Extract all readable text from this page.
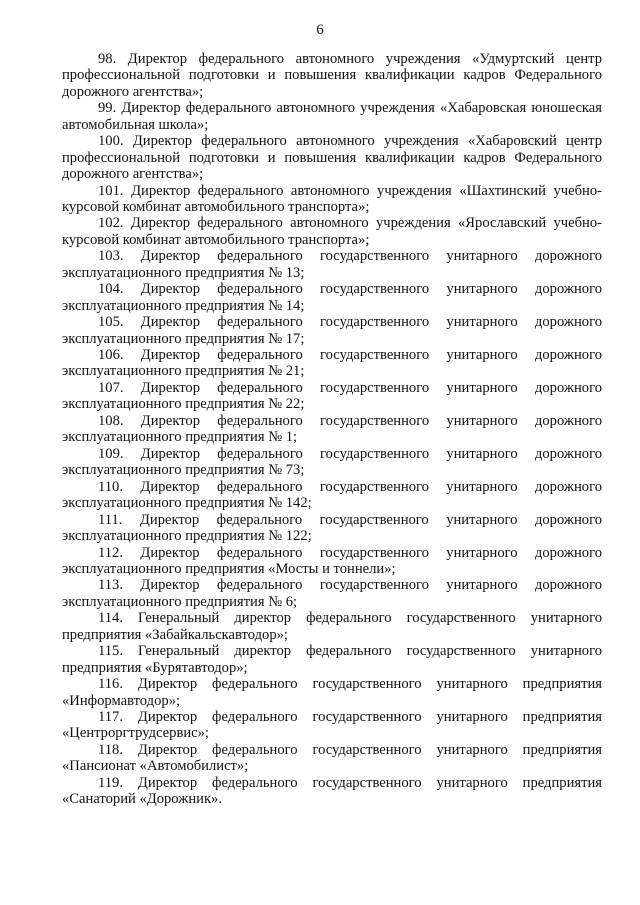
6

98. Директор федерального автономного учреждения «Удмуртский центр профессиональной подготовки и повышения квалификации кадров Федерального дорожного агентства»;

99. Директор федерального автономного учреждения «Хабаровская юношеская автомобильная школа»;

100. Директор федерального автономного учреждения «Хабаровский центр профессиональной подготовки и повышения квалификации кадров Федерального дорожного агентства»;

101. Директор федерального автономного учреждения «Шахтинский учебно-курсовой комбинат автомобильного транспорта»;

102. Директор федерального автономного учреждения «Ярославский учебно-курсовой комбинат автомобильного транспорта»;

103. Директор федерального государственного унитарного дорожного эксплуатационного предприятия № 13;

104. Директор федерального государственного унитарного дорожного эксплуатационного предприятия № 14;

105. Директор федерального государственного унитарного дорожного эксплуатационного предприятия № 17;

106. Директор федерального государственного унитарного дорожного эксплуатационного предприятия № 21;

107. Директор федерального государственного унитарного дорожного эксплуатационного предприятия № 22;

108. Директор федерального государственного унитарного дорожного эксплуатационного предприятия № 1;

109. Директор федерального государственного унитарного дорожного эксплуатационного предприятия № 73;

110. Директор федерального государственного унитарного дорожного эксплуатационного предприятия № 142;

111. Директор федерального государственного унитарного дорожного эксплуатационного предприятия № 122;

112. Директор федерального государственного унитарного дорожного эксплуатационного предприятия «Мосты и тоннели»;

113. Директор федерального государственного унитарного дорожного эксплуатационного предприятия № 6;

114. Генеральный директор федерального государственного унитарного предприятия «Забайкальскавтодор»;

115. Генеральный директор федерального государственного унитарного предприятия «Бурятавтодор»;

116. Директор федерального государственного унитарного предприятия «Информавтодор»;

117. Директор федерального государственного унитарного предприятия «Центроргтрудсервис»;

118. Директор федерального государственного унитарного предприятия «Пансионат «Автомобилист»;

119. Директор федерального государственного унитарного предприятия «Санаторий «Дорожник».
